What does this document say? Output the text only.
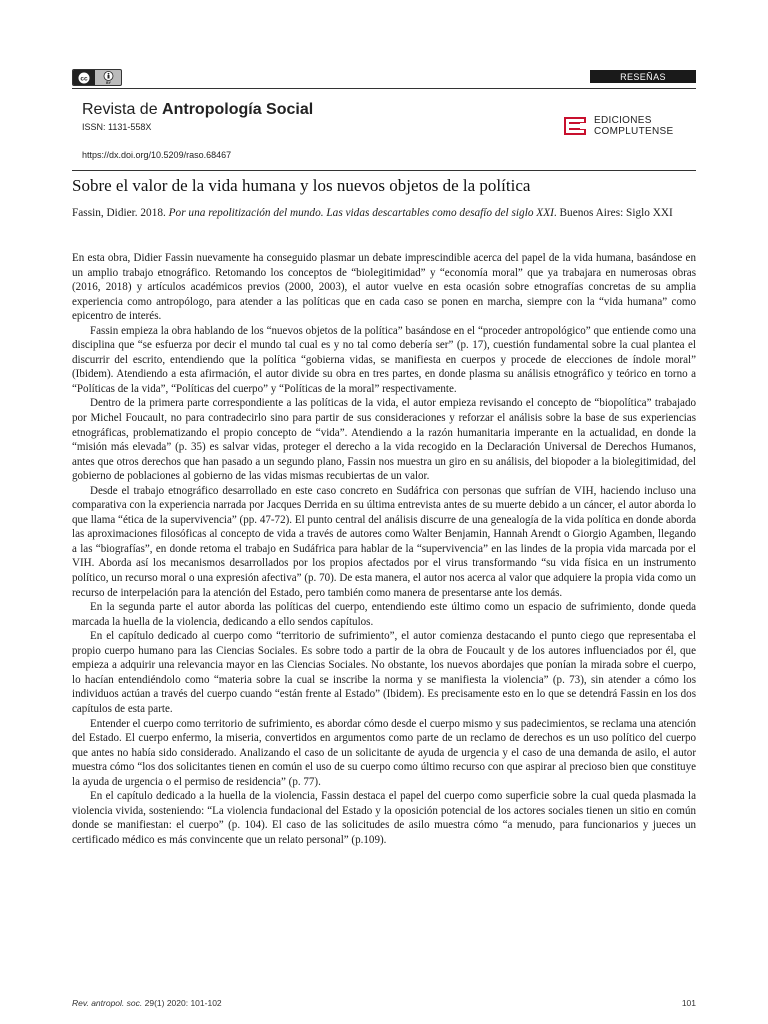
cc
BY
RESEÑAS
Revista de Antropología Social
ISSN: 1131-558X
https://dx.doi.org/10.5209/raso.68467
EDICIONES
COMPLUTENSE
Sobre el valor de la vida humana y los nuevos objetos de la política
Fassin, Didier. 2018. Por una repolitización del mundo. Las vidas descartables como desafío del siglo XXI. Buenos Aires: Siglo XXI

En esta obra, Didier Fassin nuevamente ha conseguido plasmar un debate imprescindible acerca del papel de la vida humana, basándose en un amplio trabajo etnográfico. Retomando los conceptos de “biolegitimidad” y “economía moral” que ya trabajara en numerosas obras (2016, 2018) y artículos académicos previos (2000, 2003), el autor vuelve en esta ocasión sobre etnografías concretas de su amplia experiencia como antropólogo, para atender a las políticas que en cada caso se ponen en marcha, siempre con la “vida humana” como epicentro de interés.

Fassin empieza la obra hablando de los “nuevos objetos de la política” basándose en el “proceder antropológico” que entiende como una disciplina que “se esfuerza por decir el mundo tal cual es y no tal como debería ser” (p. 17), cuestión fundamental sobre la cual plantea el discurrir del escrito, entendiendo que la política “gobierna vidas, se manifiesta en cuerpos y procede de elecciones de índole moral” (Ibidem). Atendiendo a esta afirmación, el autor divide su obra en tres partes, en donde plasma su análisis etnográfico y teórico en torno a “Políticas de la vida”, “Políticas del cuerpo” y “Políticas de la moral” respectivamente.

Dentro de la primera parte correspondiente a las políticas de la vida, el autor empieza revisando el concepto de “biopolítica” trabajado por Michel Foucault, no para contradecirlo sino para partir de sus consideraciones y reforzar el análisis sobre la base de sus experiencias etnográficas, problematizando el propio concepto de “vida”. Atendiendo a la razón humanitaria imperante en la actualidad, en donde la “misión más elevada” (p. 35) es salvar vidas, proteger el derecho a la vida recogido en la Declaración Universal de Derechos Humanos, antes que otros derechos que han pasado a un segundo plano, Fassin nos muestra un giro en su análisis, del biopoder a la biolegitimidad, del gobierno de poblaciones al gobierno de las vidas mismas recubiertas de un valor.

Desde el trabajo etnográfico desarrollado en este caso concreto en Sudáfrica con personas que sufrían de VIH, haciendo incluso una comparativa con la experiencia narrada por Jacques Derrida en su última entrevista antes de su muerte debido a un cáncer, el autor aborda lo que llama “ética de la supervivencia” (pp. 47-72). El punto central del análisis discurre de una genealogía de la vida política en donde aborda las aproximaciones filosóficas al concepto de vida a través de autores como Walter Benjamin, Hannah Arendt o Giorgio Agamben, llegando a las “biografías”, en donde retoma el trabajo en Sudáfrica para hablar de la “supervivencia” en las lindes de la propia vida marcada por el VIH. Aborda así los mecanismos desarrollados por los propios afectados por el virus transformando “su vida física en un instrumento político, un recurso moral o una expresión afectiva” (p. 70). De esta manera, el autor nos acerca al valor que adquiere la propia vida como un recurso de interpelación para la atención del Estado, pero también como manera de presentarse ante los demás.

En la segunda parte el autor aborda las políticas del cuerpo, entendiendo este último como un espacio de sufrimiento, donde queda marcada la huella de la violencia, dedicando a ello sendos capítulos.

En el capítulo dedicado al cuerpo como “territorio de sufrimiento”, el autor comienza destacando el punto ciego que representaba el propio cuerpo humano para las Ciencias Sociales. Es sobre todo a partir de la obra de Foucault y de los autores influenciados por él, que empieza a adquirir una relevancia mayor en las Ciencias Sociales. No obstante, los nuevos abordajes que ponían la mirada sobre el cuerpo, lo hacían entendiéndolo como “materia sobre la cual se inscribe la norma y se manifiesta la violencia” (p. 73), sin atender a cómo los individuos actúan a través del cuerpo cuando “están frente al Estado” (Ibidem). Es precisamente esto en lo que se detendrá Fassin en los dos capítulos de esta parte.

Entender el cuerpo como territorio de sufrimiento, es abordar cómo desde el cuerpo mismo y sus padecimientos, se reclama una atención del Estado. El cuerpo enfermo, la miseria, convertidos en argumentos como parte de un reclamo de derechos es un uso político del cuerpo que antes no había sido considerado. Analizando el caso de un solicitante de ayuda de urgencia y el caso de una demanda de asilo, el autor muestra cómo “los dos solicitantes tienen en común el uso de su cuerpo como último recurso con que aspirar al precioso bien que constituye la ayuda de urgencia o el permiso de residencia” (p. 77).

En el capítulo dedicado a la huella de la violencia, Fassin destaca el papel del cuerpo como superficie sobre la cual queda plasmada la violencia vivida, sosteniendo: “La violencia fundacional del Estado y la oposición potencial de los actores sociales tienen un sitio en común donde se manifiestan: el cuerpo” (p. 104). El caso de las solicitudes de asilo muestra cómo “a menudo, para funcionarios y jueces un certificado médico es más convincente que un relato personal” (p.109).

Rev. antropol. soc. 29(1) 2020: 101-102	101
